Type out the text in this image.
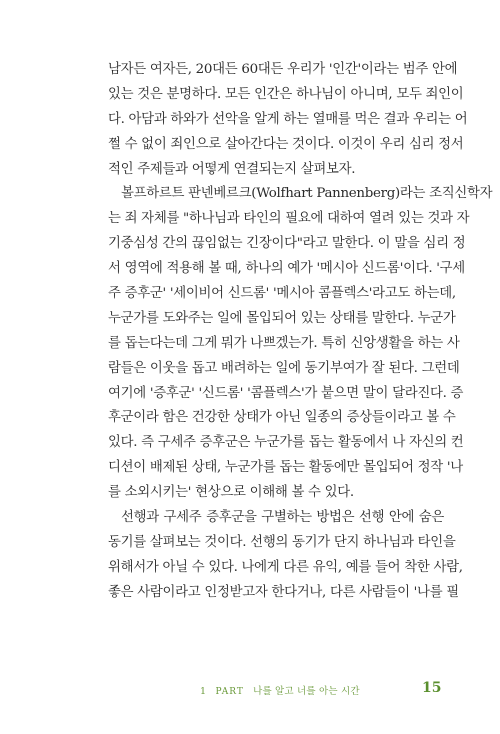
남자든 여자든, 20대든 60대든 우리가 '인간'이라는 범주 안에
있는 것은 분명하다. 모든 인간은 하나님이 아니며, 모두 죄인이
다. 아담과 하와가 선악을 알게 하는 열매를 먹은 결과 우리는 어
쩔 수 없이 죄인으로 살아간다는 것이다. 이것이 우리 심리 정서
적인 주제들과 어떻게 연결되는지 살펴보자.
볼프하르트 판넨베르크(Wolfhart Pannenberg)라는 조직신학자
는 죄 자체를 "하나님과 타인의 필요에 대하여 열려 있는 것과 자
기중심성 간의 끊임없는 긴장이다"라고 말한다. 이 말을 심리 정
서 영역에 적용해 볼 때, 하나의 예가 '메시아 신드롬'이다. '구세
주 증후군' '세이비어 신드롬' '메시아 콤플렉스'라고도 하는데,
누군가를 도와주는 일에 몰입되어 있는 상태를 말한다. 누군가
를 돕는다는데 그게 뭐가 나쁘겠는가. 특히 신앙생활을 하는 사
람들은 이웃을 돕고 배려하는 일에 동기부여가 잘 된다. 그런데
여기에 '증후군' '신드롬' '콤플렉스'가 붙으면 말이 달라진다. 증
후군이라 함은 건강한 상태가 아닌 일종의 증상들이라고 볼 수
있다. 즉 구세주 증후군은 누군가를 돕는 활동에서 나 자신의 컨
디션이 배제된 상태, 누군가를 돕는 활동에만 몰입되어 정작 '나
를 소외시키는' 현상으로 이해해 볼 수 있다.
선행과 구세주 증후군을 구별하는 방법은 선행 안에 숨은
동기를 살펴보는 것이다. 선행의 동기가 단지 하나님과 타인을
위해서가 아닐 수 있다. 나에게 다른 유익, 예를 들어 착한 사람,
좋은 사람이라고 인정받고자 한다거나, 다른 사람들이 '나를 필
1 PART 나를 알고 너를 아는 시간	15
